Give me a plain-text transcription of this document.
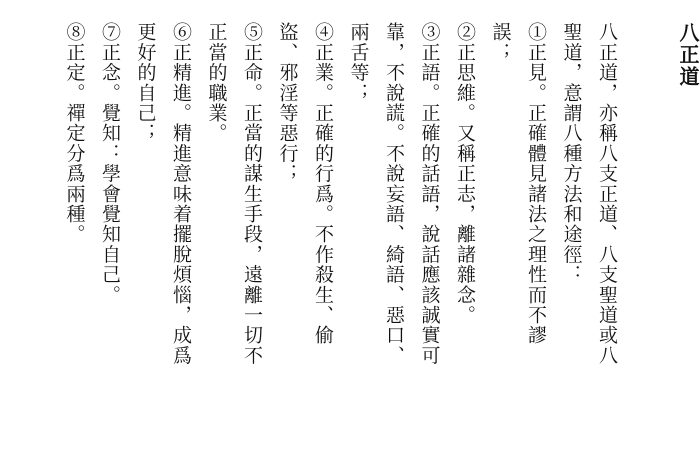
八正道

八正道，亦稱八支正道、八支聖道或八

聖道，意謂八種方法和途徑：

①正見。正確體見諸法之理性而不謬

誤；

②正思維。又稱正志，離諸雜念。

③正語。正確的話語，說話應該誠實可

靠，不說謊。不說妄語、綺語、惡口、

兩舌等；

④正業。正確的行爲。不作殺生、偷

盜、邪淫等惡行；

⑤正命。正當的謀生手段，遠離一切不

正當的職業。

⑥正精進。精進意味着擺脫煩惱，成爲

更好的自己；

⑦正念。覺知：學會覺知自己。

⑧正定。禪定分爲兩種。
